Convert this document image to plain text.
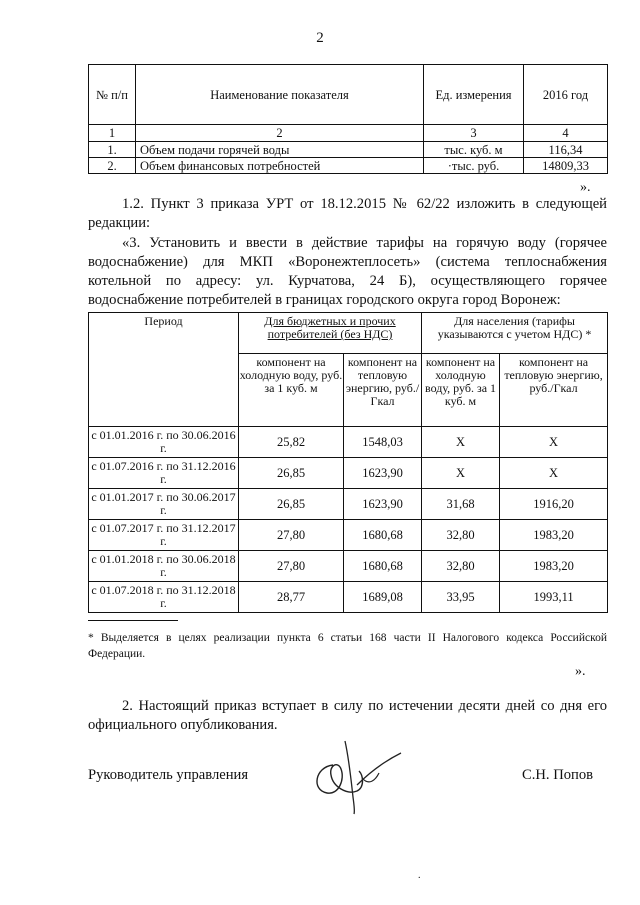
2
№ п/п	Наименование показателя	Ед. измерения	2016 год
1	2	3	4
1.	Объем подачи горячей воды	тыс. куб. м	116,34
2.	Объем финансовых потребностей	·тыс. руб.	14809,33
».
1.2. Пункт 3 приказа УРТ от 18.12.2015 № 62/22 изложить в следующей редакции:
«3. Установить и ввести в действие тарифы на горячую воду (горячее водоснабжение) для МКП «Воронежтеплосеть» (система теплоснабжения котельной по адресу: ул. Курчатова, 24 Б), осуществляющего горячее водоснабжение потребителей в границах городского округа город Воронеж:
Период	Для бюджетных и прочих потребителей (без НДС)		Для населения (тарифы указываются с учетом НДС) *	
	компонент на холодную воду, руб. за 1 куб. м	компонент на тепловую энергию, руб./Гкал	компонент на холодную воду, руб. за 1 куб. м	компонент на тепловую энергию, руб./Гкал
с 01.01.2016 г. по 30.06.2016 г.	25,82	1548,03	X	X
с 01.07.2016 г. по 31.12.2016 г.	26,85	1623,90	X	X
с 01.01.2017 г. по 30.06.2017 г.	26,85	1623,90	31,68	1916,20
с 01.07.2017 г. по 31.12.2017 г.	27,80	1680,68	32,80	1983,20
с 01.01.2018 г. по 30.06.2018 г.	27,80	1680,68	32,80	1983,20
с 01.07.2018 г. по 31.12.2018 г.	28,77	1689,08	33,95	1993,11
* Выделяется в целях реализации пункта 6 статьи 168 части II Налогового кодекса Российской Федерации.
».
2. Настоящий приказ вступает в силу по истечении десяти дней со дня его официального опубликования.
Руководитель управления	С.Н. Попов
.
